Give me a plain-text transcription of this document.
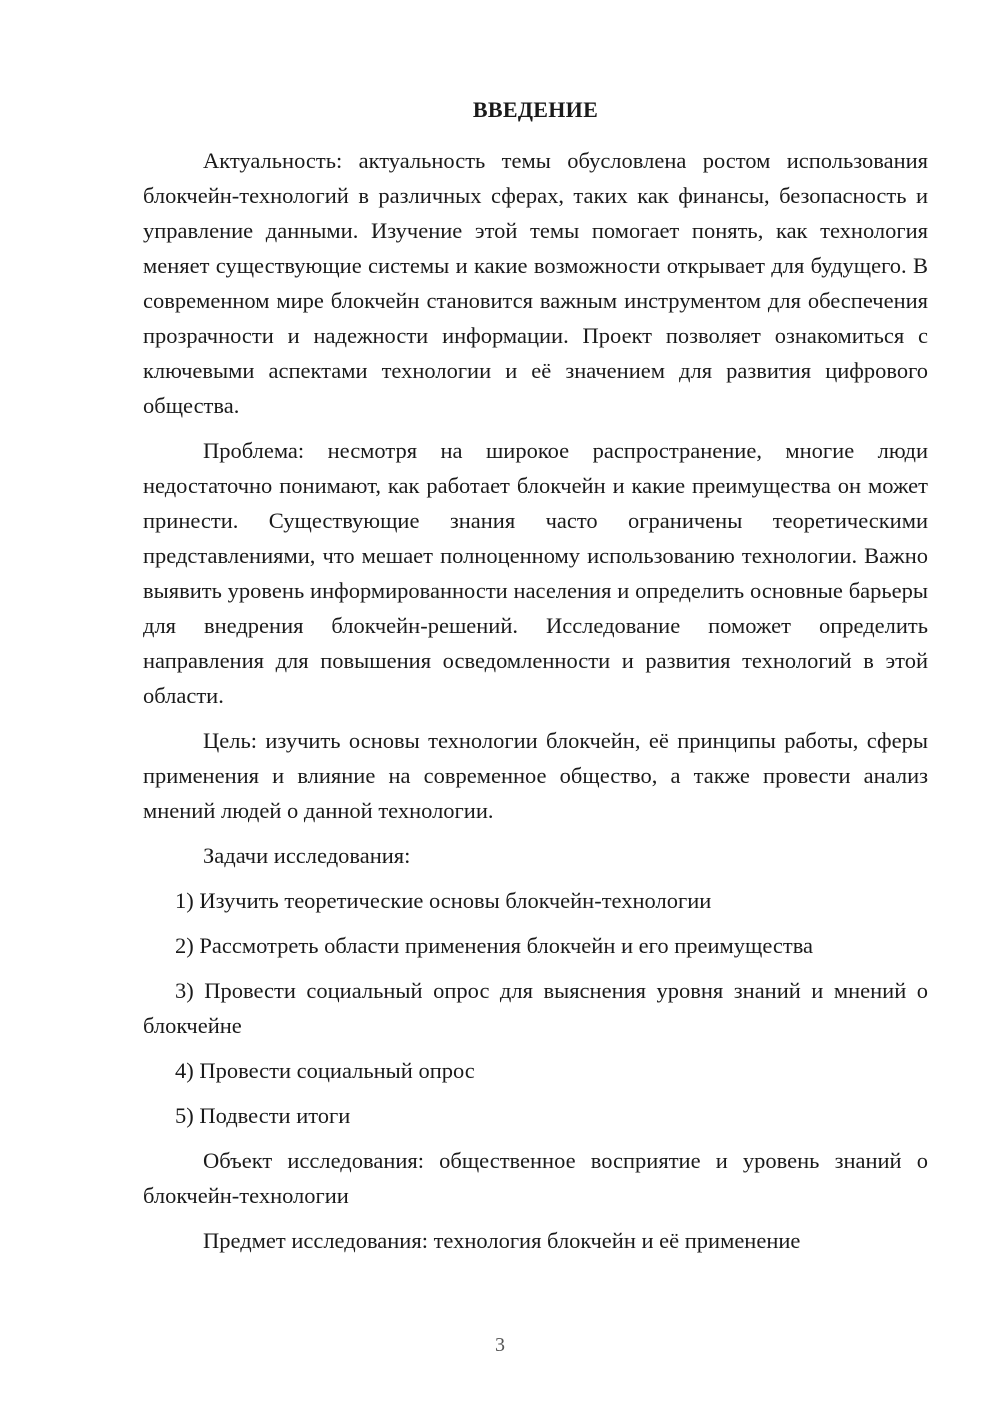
ВВЕДЕНИЕ

Актуальность: актуальность темы обусловлена ростом использования блокчейн-технологий в различных сферах, таких как финансы, безопасность и управление данными. Изучение этой темы помогает понять, как технология меняет существующие системы и какие возможности открывает для будущего. В современном мире блокчейн становится важным инструментом для обеспечения прозрачности и надежности информации. Проект позволяет ознакомиться с ключевыми аспектами технологии и её значением для развития цифрового общества.

Проблема: несмотря на широкое распространение, многие люди недостаточно понимают, как работает блокчейн и какие преимущества он может принести. Существующие знания часто ограничены теоретическими представлениями, что мешает полноценному использованию технологии. Важно выявить уровень информированности населения и определить основные барьеры для внедрения блокчейн-решений. Исследование поможет определить направления для повышения осведомленности и развития технологий в этой области.

Цель: изучить основы технологии блокчейн, её принципы работы, сферы применения и влияние на современное общество, а также провести анализ мнений людей о данной технологии.

Задачи исследования:

1) Изучить теоретические основы блокчейн-технологии

2) Рассмотреть области применения блокчейн и его преимущества

3) Провести социальный опрос для выяснения уровня знаний и мнений о блокчейне

4) Провести социальный опрос

5) Подвести итоги

Объект исследования: общественное восприятие и уровень знаний о блокчейн-технологии

Предмет исследования: технология блокчейн и её применение

3
